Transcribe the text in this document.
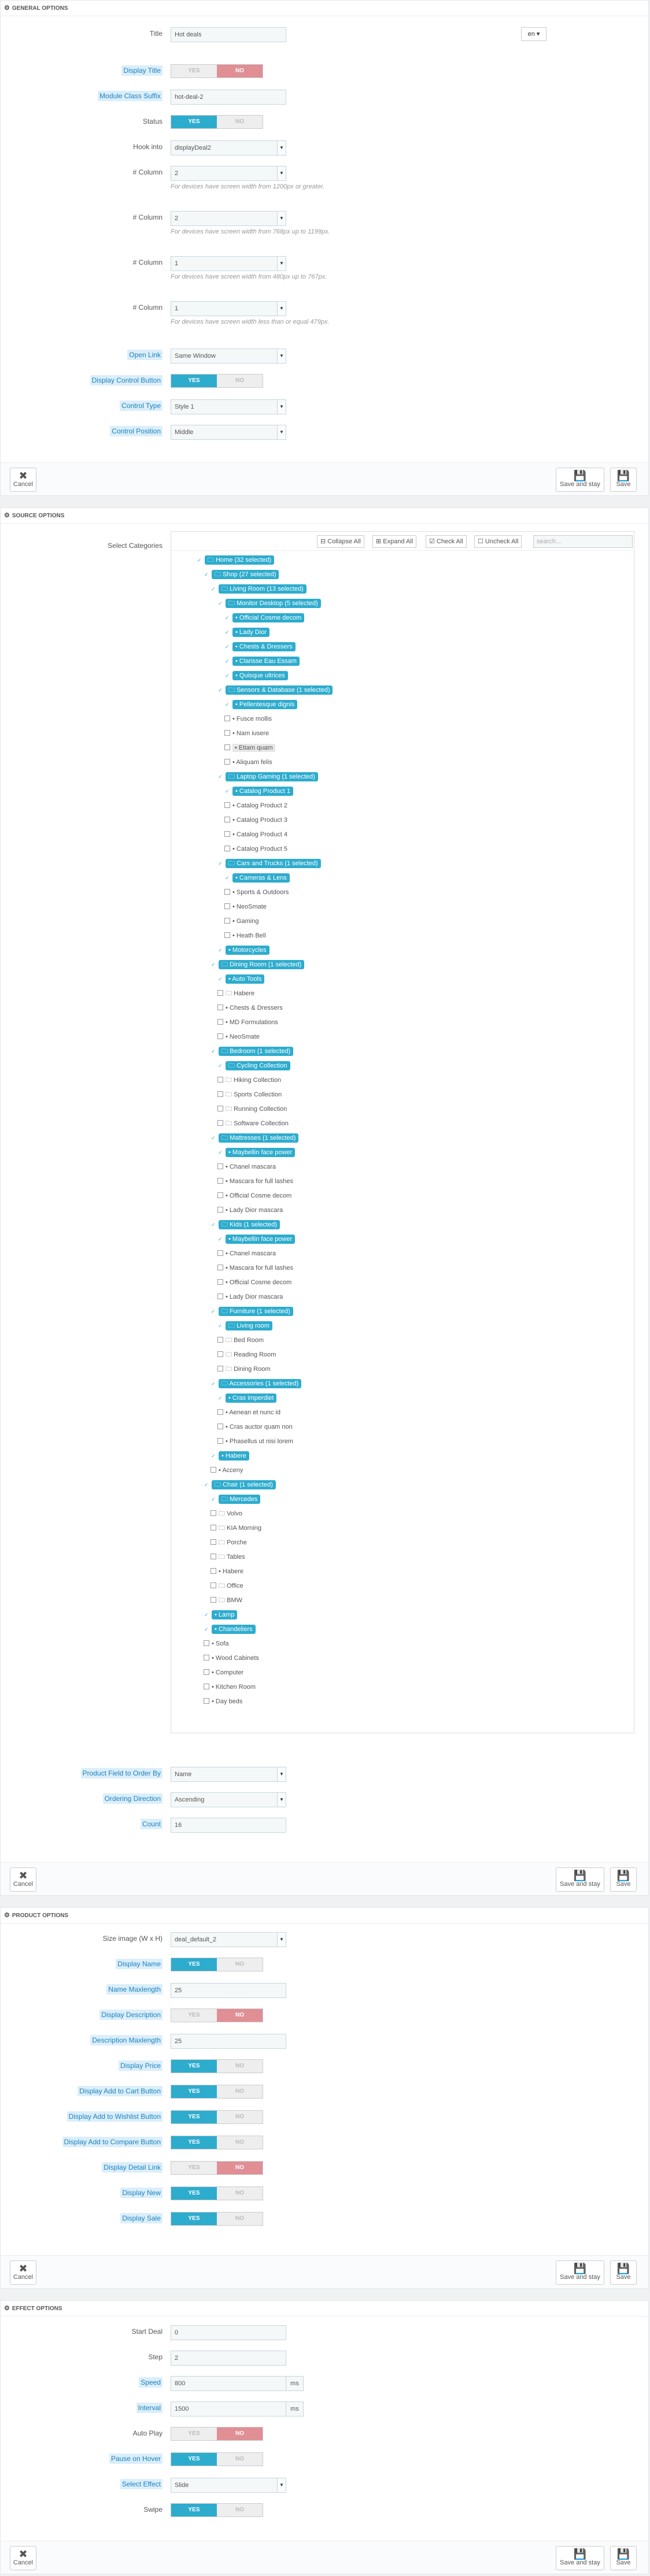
⚙ GENERAL OPTIONS
Title	Hot deals	en ▾
Display Title	YES	NO
Module Class Suffix	hot-deal-2
Status	YES	NO
Hook into	displayDeal2	▼
# Column	2	▼
For devices have screen width from 1200px or greater.
# Column	2	▼
For devices have screen width from 768px up to 1199px.
# Column	1	▼
For devices have screen width from 480px up to 767px.
# Column	1	▼
For devices have screen width less than or equal 479px.
Open Link	Same Window	▼
Display Control Button	YES	NO
Control Type	Style 1	▼
Control Position	Middle	▼
✖
Cancel
💾
Save and stay
💾
Save
⚙ SOURCE OPTIONS
Select Categories	⊟ Collapse All	⊞ Expand All	☑ Check All	☐ Uncheck All	search...
✓🗀 Home (32 selected)
✓🗀 Shop (27 selected)
✓🗀 Living Room (13 selected)
✓🗀 Monitor Desktop (5 selected)
✓• Official Cosme decom
✓• Lady Dior
✓• Chests & Dressers
✓• Clarisse Eau Essam
✓• Quisque ultrices
✓🗀 Sensors & Database (1 selected)
✓• Pellentesque dignis
• Fusce mollis
• Nam iusere
• Etiam quam
• Aliquam felis
✓🗀 Laptop Gaming (1 selected)
✓• Catalog Product 1
• Catalog Product 2
• Catalog Product 3
• Catalog Product 4
• Catalog Product 5
✓🗀 Cars and Trucks (1 selected)
✓• Cameras & Lens
• Sports & Outdoors
• NeoSmate
• Gaming
• Heath Bell
✓• Motorcycles
✓🗀 Dining Room (1 selected)
✓• Auto Tools
🗀 Habere
• Chests & Dressers
• MD Formulations
• NeoSmate
✓🗀 Bedroom (1 selected)
✓🗀 Cycling Collection
🗀 Hiking Collection
🗀 Sports Collection
🗀 Running Collection
🗀 Software Collection
✓🗀 Mattresses (1 selected)
✓• Maybellin face power
• Chanel mascara
• Mascara for full lashes
• Official Cosme decom
• Lady Dior mascara
✓🗀 Kids (1 selected)
✓• Maybellin face power
• Chanel mascara
• Mascara for full lashes
• Official Cosme decom
• Lady Dior mascara
✓🗀 Furniture (1 selected)
✓🗀 Living room
🗀 Bed Room
🗀 Reading Room
🗀 Dining Room
✓🗀 Accessories (1 selected)
✓• Cras imperdiet
• Aenean et nunc id
• Cras auctor quam non
• Phasellus ut nisi lorem
✓• Habere
• Acceny
✓🗀 Chair (1 selected)
✓🗀 Mercedes
🗀 Volvo
🗀 KIA Morning
🗀 Porche
🗀 Tables
• Habere
🗀 Office
🗀 BMW
✓• Lamp
✓• Chandeliers
• Sofa
• Wood Cabinets
• Computer
• Kitchen Room
• Day beds
Product Field to Order By	Name	▼
Ordering Direction	Ascending	▼
Count	16
✖
Cancel
💾
Save and stay
💾
Save
⚙ PRODUCT OPTIONS
Size image (W x H)	deal_default_2	▼
Display Name	YES	NO
Name Maxlength	25
Display Description	YES	NO
Description Maxlength	25
Display Price	YES	NO
Display Add to Cart Button	YES	NO
Display Add to Wishlist Button	YES	NO
Display Add to Compare Button	YES	NO
Display Detail Link	YES	NO
Display New	YES	NO
Display Sale	YES	NO
✖
Cancel
💾
Save and stay
💾
Save
⚙ EFFECT OPTIONS
Start Deal	0
Step	2
Speed	800	ms
Interval	1500	ms
Auto Play	YES	NO
Pause on Hover	YES	NO
Select Effect	Slide	▼
Swipe	YES	NO
✖
Cancel
💾
Save and stay
💾
Save
